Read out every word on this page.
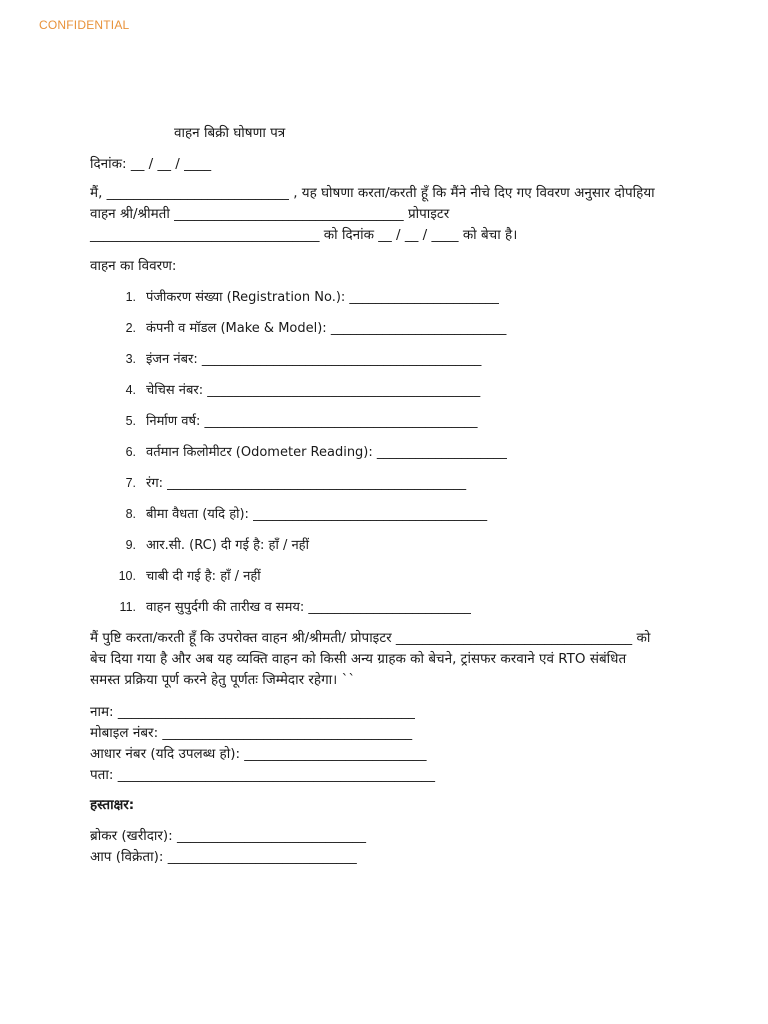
CONFIDENTIAL
वाहन बिक्री घोषणा पत्र
दिनांक: __ / __ / ____
मैं, ___________________________ , यह घोषणा करता/करती हूँ कि मैंने नीचे दिए गए विवरण अनुसार दोपहिया
वाहन श्री/श्रीमती __________________________________ प्रोपाइटर
__________________________________ को दिनांक __ / __ / ____ को बेचा है।
वाहन का विवरण:
1. पंजीकरण संख्या (Registration No.): _______________________
2. कंपनी व मॉडल (Make & Model): ___________________________
3. इंजन नंबर: ___________________________________________
4. चेचिस नंबर: __________________________________________
5. निर्माण वर्ष: __________________________________________
6. वर्तमान किलोमीटर (Odometer Reading): ____________________
7. रंग: ______________________________________________
8. बीमा वैधता (यदि हो): ____________________________________
9. आर.सी. (RC) दी गई है: हाँ / नहीं
10. चाबी दी गई है: हाँ / नहीं
11. वाहन सुपुर्दगी की तारीख व समय: _________________________
मैं पुष्टि करता/करती हूँ कि उपरोक्त वाहन श्री/श्रीमती/ प्रोपाइटर ___________________________________ को
बेच दिया गया है और अब यह व्यक्ति वाहन को किसी अन्य ग्राहक को बेचने, ट्रांसफर करवाने एवं RTO संबंधित
समस्त प्रक्रिया पूर्ण करने हेतु पूर्णतः जिम्मेदार रहेगा। ``
नाम: ____________________________________________
मोबाइल नंबर: _____________________________________
आधार नंबर (यदि उपलब्ध हो): ___________________________
पता: _______________________________________________
हस्ताक्षर:
ब्रोकर (खरीदार): ____________________________
आप (विक्रेता): ____________________________
